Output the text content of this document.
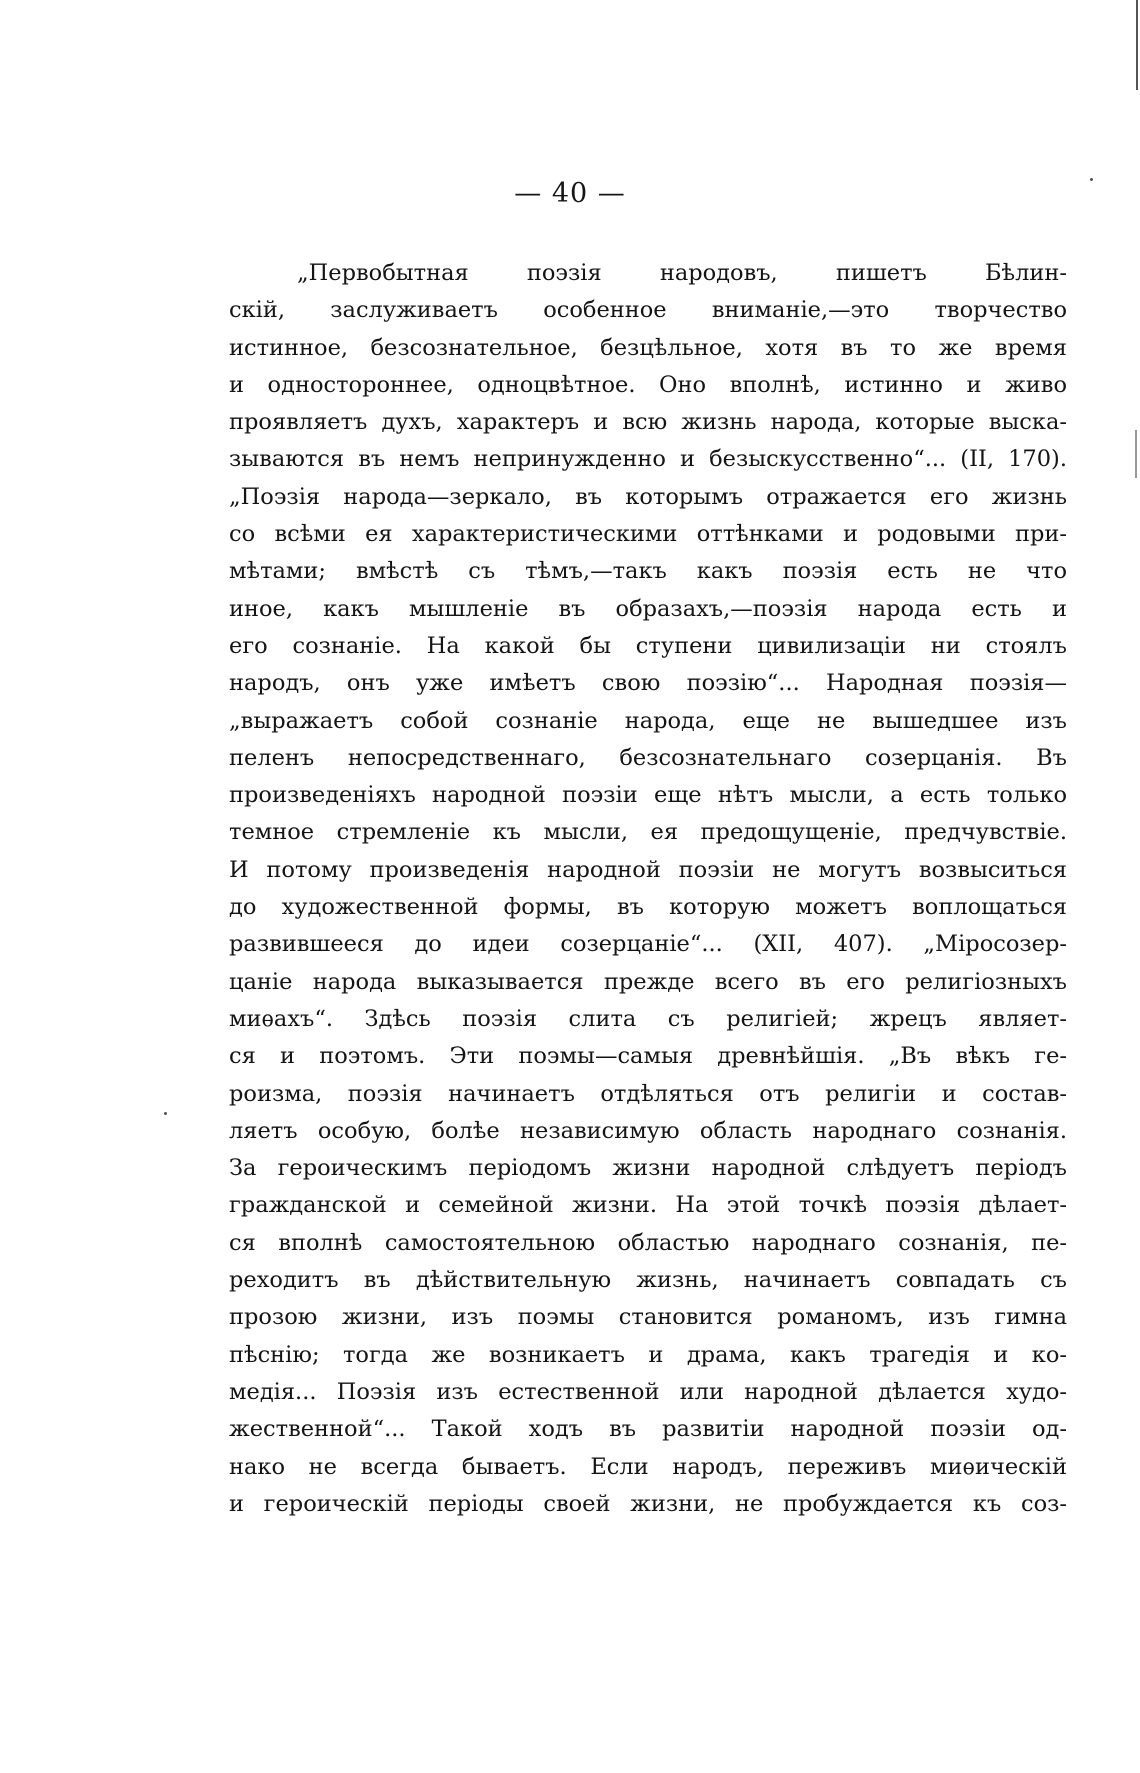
— 40 —
„Первобытная поэзія народовъ, пишетъ Бѣлин-
скій, заслуживаетъ особенное вниманіе,—это творчество
истинное, безсознательное, безцѣльное, хотя въ то же время
и одностороннее, одноцвѣтное. Оно вполнѣ, истинно и живо
проявляетъ духъ, характеръ и всю жизнь народа, которые выска-
зываются въ немъ непринужденно и безыскусственно“... (II, 170).
„Поэзія народа—зеркало, въ которымъ отражается его жизнь
со всѣми ея характеристическими оттѣнками и родовыми при-
мѣтами; вмѣстѣ съ тѣмъ,—такъ какъ поэзія есть не что
иное, какъ мышленіе въ образахъ,—поэзія народа есть и
его сознаніе. На какой бы ступени цивилизаціи ни стоялъ
народъ, онъ уже имѣетъ свою поэзію“... Народная поэзія—
„выражаетъ собой сознаніе народа, еще не вышедшее изъ
пеленъ непосредственнаго, безсознательнаго созерцанія. Въ
произведеніяхъ народной поэзіи еще нѣтъ мысли, а есть только
темное стремленіе къ мысли, ея предощущеніе, предчувствіе.
И потому произведенія народной поэзіи не могутъ возвыситься
до художественной формы, въ которую можетъ воплощаться
развившееся до идеи созерцаніе“... (XII, 407). „Міросозер-
цаніе народа выказывается прежде всего въ его религіозныхъ
миѳахъ“. Здѣсь поэзія слита съ религіей; жрецъ являет-
ся и поэтомъ. Эти поэмы—самыя древнѣйшія. „Въ вѣкъ ге-
роизма, поэзія начинаетъ отдѣляться отъ религіи и состав-
ляетъ особую, болѣе независимую область народнаго сознанія.
За героическимъ періодомъ жизни народной слѣдуетъ періодъ
гражданской и семейной жизни. На этой точкѣ поэзія дѣлает-
ся вполнѣ самостоятельною областью народнаго сознанія, пе-
реходитъ въ дѣйствительную жизнь, начинаетъ совпадать съ
прозою жизни, изъ поэмы становится романомъ, изъ гимна
пѣснію; тогда же возникаетъ и драма, какъ трагедія и ко-
медія... Поэзія изъ естественной или народной дѣлается худо-
жественной“... Такой ходъ въ развитіи народной поэзіи од-
нако не всегда бываетъ. Если народъ, переживъ миѳическій
и героическій періоды своей жизни, не пробуждается къ соз-
